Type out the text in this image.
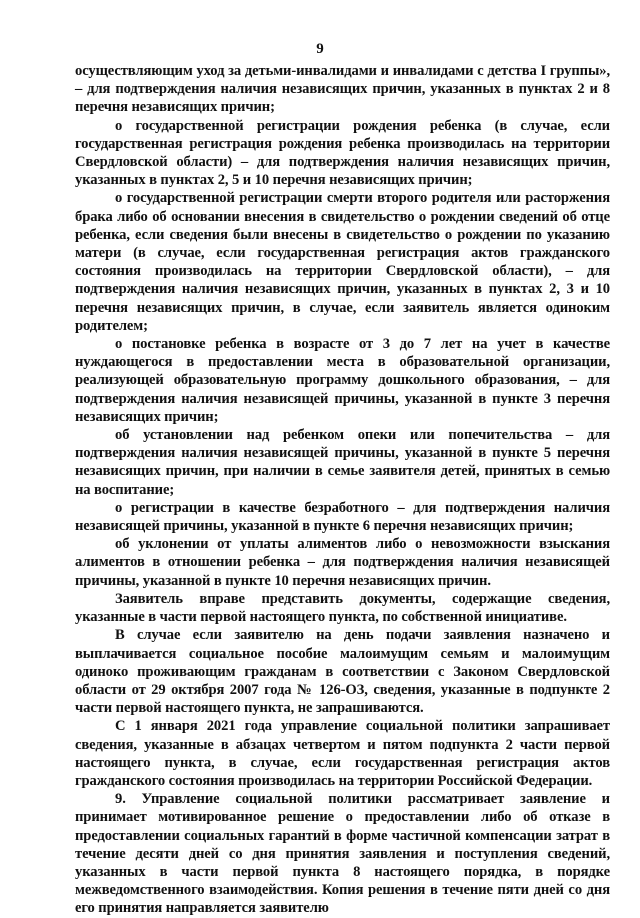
9

осуществляющим уход за детьми-инвалидами и инвалидами с детства I группы», – для подтверждения наличия независящих причин, указанных в пунктах 2 и 8 перечня независящих причин;

о государственной регистрации рождения ребенка (в случае, если государственная регистрация рождения ребенка производилась на территории Свердловской области) – для подтверждения наличия независящих причин, указанных в пунктах 2, 5 и 10 перечня независящих причин;

о государственной регистрации смерти второго родителя или расторжения брака либо об основании внесения в свидетельство о рождении сведений об отце ребенка, если сведения были внесены в свидетельство о рождении по указанию матери (в случае, если государственная регистрация актов гражданского состояния производилась на территории Свердловской области), – для подтверждения наличия независящих причин, указанных в пунктах 2, 3 и 10 перечня независящих причин, в случае, если заявитель является одиноким родителем;

о постановке ребенка в возрасте от 3 до 7 лет на учет в качестве нуждающегося в предоставлении места в образовательной организации, реализующей образовательную программу дошкольного образования, – для подтверждения наличия независящей причины, указанной в пункте 3 перечня независящих причин;

об установлении над ребенком опеки или попечительства – для подтверждения наличия независящей причины, указанной в пункте 5 перечня независящих причин, при наличии в семье заявителя детей, принятых в семью на воспитание;

о регистрации в качестве безработного – для подтверждения наличия независящей причины, указанной в пункте 6 перечня независящих причин;

об уклонении от уплаты алиментов либо о невозможности взыскания алиментов в отношении ребенка – для подтверждения наличия независящей причины, указанной в пункте 10 перечня независящих причин.

Заявитель вправе представить документы, содержащие сведения, указанные в части первой настоящего пункта, по собственной инициативе.

В случае если заявителю на день подачи заявления назначено и выплачивается социальное пособие малоимущим семьям и малоимущим одиноко проживающим гражданам в соответствии с Законом Свердловской области от 29 октября 2007 года № 126-ОЗ, сведения, указанные в подпункте 2 части первой настоящего пункта, не запрашиваются.

С 1 января 2021 года управление социальной политики запрашивает сведения, указанные в абзацах четвертом и пятом подпункта 2 части первой настоящего пункта, в случае, если государственная регистрация актов гражданского состояния производилась на территории Российской Федерации.

9. Управление социальной политики рассматривает заявление и принимает мотивированное решение о предоставлении либо об отказе в предоставлении социальных гарантий в форме частичной компенсации затрат в течение десяти дней со дня принятия заявления и поступления сведений, указанных в части первой пункта 8 настоящего порядка, в порядке межведомственного взаимодействия. Копия решения в течение пяти дней со дня его принятия направляется заявителю
